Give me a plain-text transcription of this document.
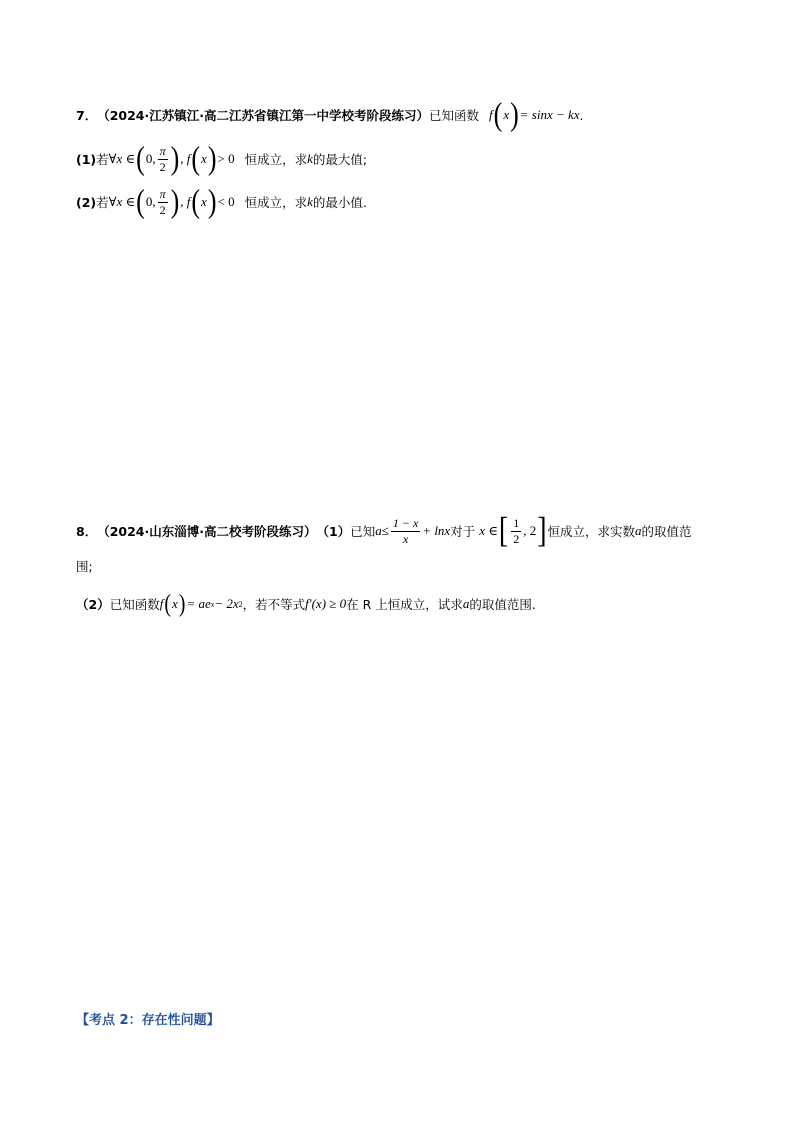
7． （2024·江苏镇江·高二江苏省镇江第一中学校考阶段练习） 已知函数 f ( x ) = sinx − kx .
(1) 若 ∀x ∈ ( 0, $\frac{\pi}{2}$ ) , f ( x ) > 0 恒成立，求 k 的最大值;
(2) 若 ∀x ∈ ( 0, $\frac{\pi}{2}$ ) , f ( x ) < 0 恒成立，求 k 的最小值.
8． （2024·山东淄博·高二校考阶段练习） （1） 已知 $a \le \frac{1 - x}{x} + \ln x$ 对于 x ∈ [ $\frac{1}{2}$ , 2 ] 恒成立，求实数 a 的取值范
围;
（2） 已知函数 f ( x ) = ae x − 2x 2 ，若不等式 f′(x) ≥ 0 在 R 上恒成立，试求 a 的取值范围.
【考点 2：存在性问题】
